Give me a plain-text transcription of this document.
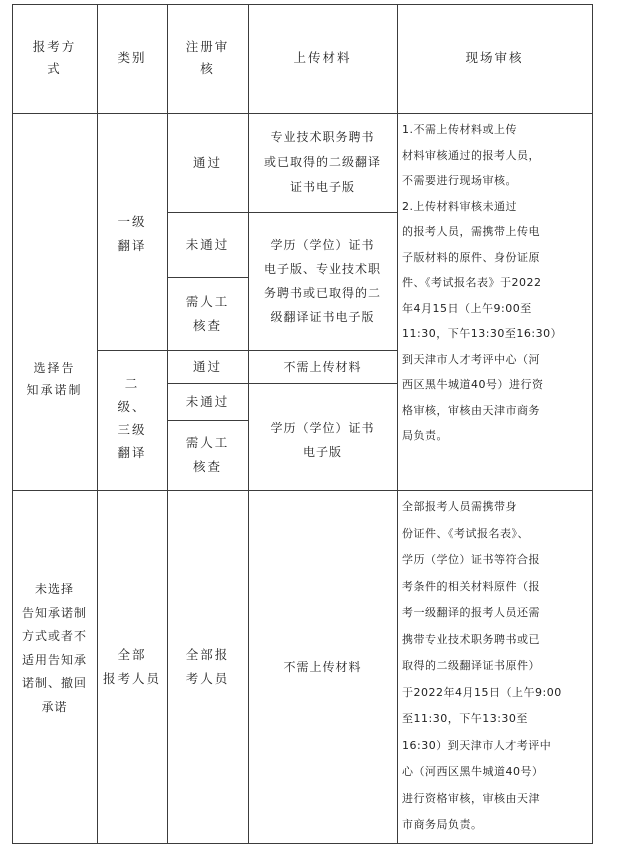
报考方
式
类别
注册审
核
上传材料	现场审核
选择告
知承诺制
一级
翻译
二
级、
三级
翻译
通过
未通过
需人工
核查
专业技术职务聘书
或已取得的二级翻译
证书电子版
学历（学位）证书
电子版、专业技术职
务聘书或已取得的二
级翻译证书电子版
通过
未通过
需人工
核查
不需上传材料
学历（学位）证书
电子版
1.不需上传材料或上传
材料审核通过的报考人员，
不需要进行现场审核。
2.上传材料审核未通过
的报考人员，需携带上传电
子版材料的原件、身份证原
件、《考试报名表》于2022
年4月15日（上午9:00至
11:30，下午13:30至16:30）
到天津市人才考评中心（河
西区黑牛城道40号）进行资
格审核，审核由天津市商务
局负责。
未选择
告知承诺制
方式或者不
适用告知承
诺制、撤回
承诺
全部
报考人员
全部报
考人员
不需上传材料
全部报考人员需携带身
份证件、《考试报名表》、
学历（学位）证书等符合报
考条件的相关材料原件（报
考一级翻译的报考人员还需
携带专业技术职务聘书或已
取得的二级翻译证书原件）
于2022年4月15日（上午9:00
至11:30，下午13:30至
16:30）到天津市人才考评中
心（河西区黑牛城道40号）
进行资格审核，审核由天津
市商务局负责。
